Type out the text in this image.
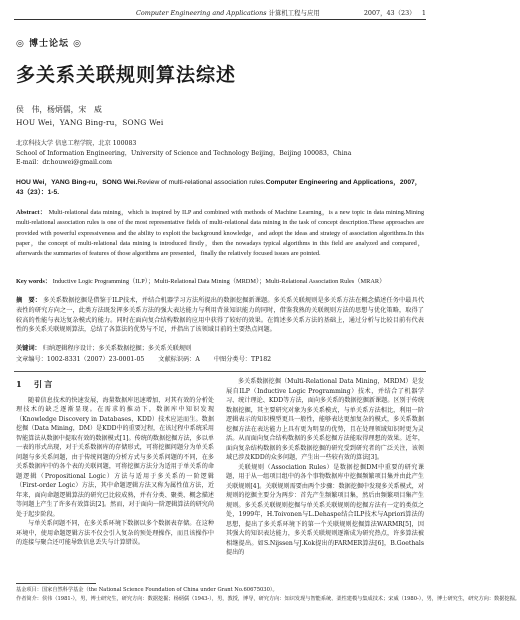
Computer Engineering and Applications 计算机工程与应用	2007，43（23）  1
◎ 博士论坛 ◎
多关系关联规则算法综述
侯　伟，杨炳儒，宋　威
HOU Wei，YANG Bing-ru，SONG Wei
北京科技大学 信息工程学院，北京 100083
School of Information Engineering，University of Science and Technology Beijing，Beijing 100083，China
E-mail：dr.houwei@gmail.com
HOU Wei，YANG Bing-ru，SONG Wei.Review of multi-relational association rules.Computer Engineering and Applications，2007，43（23）：1-5.
Abstract： Multi-relational data mining，which is inspired by ILP and combined with methods of Machine Learning，is a new topic in data mining.Mining multi-relational association rules is one of the most representative fields of multi-relational data mining in the task of concept description.These approaches are provided with powerful expressiveness and the ability to exploit the background knowledge，and adopt the ideas and strategy of association algorithms.In this paper，the concept of multi-relational data mining is introduced firstly，then the nowadays typical algorithms in this field are analyzed and compared，afterwards the summaries of features of those algorithms are presented，finally the relatively focused issues are pointed.
Key words： Inductive Logic Programming（ILP）；Multi-Relational Data Mining（MRDM）；Multi-Relational Association Rules（MRAR）
摘　要： 多关系数据挖掘是借鉴于ILP技术，并结合机器学习方法所提出的数据挖掘新课题。多关系关联规则是多关系方法在概念描述任务中最具代表性的研究方向之一，此类方法既发挥多关系方法的强大表达能力与利用背景知识能力的同时，借鉴我熟的关联规则方法的思想与优化策略，取得了较高的性能与表达复杂模式的能力。同时在面向复合结构数据的应用中获得了较好的效果。在简述多关系方法的基础上，通过分析与比较目前有代表性的多关系关联规则算法，总结了各算法的优势与不足，并指出了该领域目前的主要热点问题。
关键词： 归纳逻辑程序设计；多关系数据挖掘；多关系关联规则
文章编号：1002-8331（2007）23-0001-05 文献标识码：A 中图分类号：TP182
1  引言

随着信息技术的快速发展，海量数据库迅速增加，对其有效的分析处理技术的缺乏逐渐显现。在需求的推动下，数据库中知识发现（Knowledge Discovery in Databases，KDD）技术应运而生。数据挖掘（Data Mining，DM）是KDD中的重要过程，在该过程中系统采用智能算法从数据中提取有效的数据模式[1]。传统的数据挖掘方法，多以单一表的形式出现，对于关系数据库的存储形式，可将挖掘问题分为单关系问题与多关系问题，由于传统问题的分析方式与多关系问题的不同，在多关系数据库中的各个表的关联问题，可将挖掘方法分为适用于单关系的命题逻辑（Propositional Logic）方法与适用于多关系的一阶逻辑（First-order Logic）方法，其中命题逻辑方法又称为属性值方法，近年来，面向命题逻辑算法的研究已比较成熟，并有分类、聚类、概念描述等问题上产生了许多有效算法[2]。然而，对于面向一阶逻辑算法的研究尚处于起步阶段。

与单关系问题不同，在多关系环境下数据以多个数据表存储。在这种环境中，使用命题逻辑方法不仅会引入复杂的预处理操作，而且该操作中的连接与聚合还可能导致信息丢失与计算错误。

多关系数据挖掘（Multi-Relational Data Mining，MRDM）是发展自ILP（Inductive Logic Programming）技术，并结合了机器学习、统计理论、KDD等方法，面向多关系的数据挖掘新课题。区别于传统数据挖掘，其主要研究对象为多关系模式，与单关系方法相比，利用一阶逻辑表示的知识模型更具一般性，能够表达更加复杂的模式，多关系数据挖掘方法在表达能力上具有更为明显的优势，且在处理领域知识时更为灵活。从而面向复合结构数据的多关系挖掘方法能取得理想的效果。近年，面向复杂结构数据的多关系数据挖掘的研究受到研究者的广泛关注，该领域已涉及KDD的众多问题，产生出一些较有效的算法[3]。

关联规则（Association Rules）是数据挖掘DM中重要的研究课题，用于从一组项目组中的各个事物数据库中挖掘频繁项目集并由此产生关联规则[4]。关联规则需要由两个步骤：数据挖掘中发现多关系模式，对规则的挖掘主要分为两步：首先产生频繁项目集，然后由频繁项目集产生规则。多关系关联规则挖掘与单关系关联规则的挖掘方法有一定的类似之处，1999年，H.Toivonen与L.Dehaspe结合ILP技术与Apriori算法的思想，提出了多关系环境下的第一个关联规则挖掘算法WARMR[5]，因其强大的知识表达能力，多关系关联规则逐渐成为研究热点，许多算法被相继提出。如S.Nijssen与J.Kok提出的FARMER算法[6]，B.Goethals提出的

基金项目：国家自然科学基金（the National Science Foundation of China under Grant No.60675030）。
作者简介：侯伟（1981-），男，博士研究生，研究方向：数据挖掘；杨炳儒（1943-），男，教授，博导，研究方向：知识发现与智能系统、柔性建模与集成技术；宋威（1980-），男，博士研究生，研究方向：数据挖掘。
